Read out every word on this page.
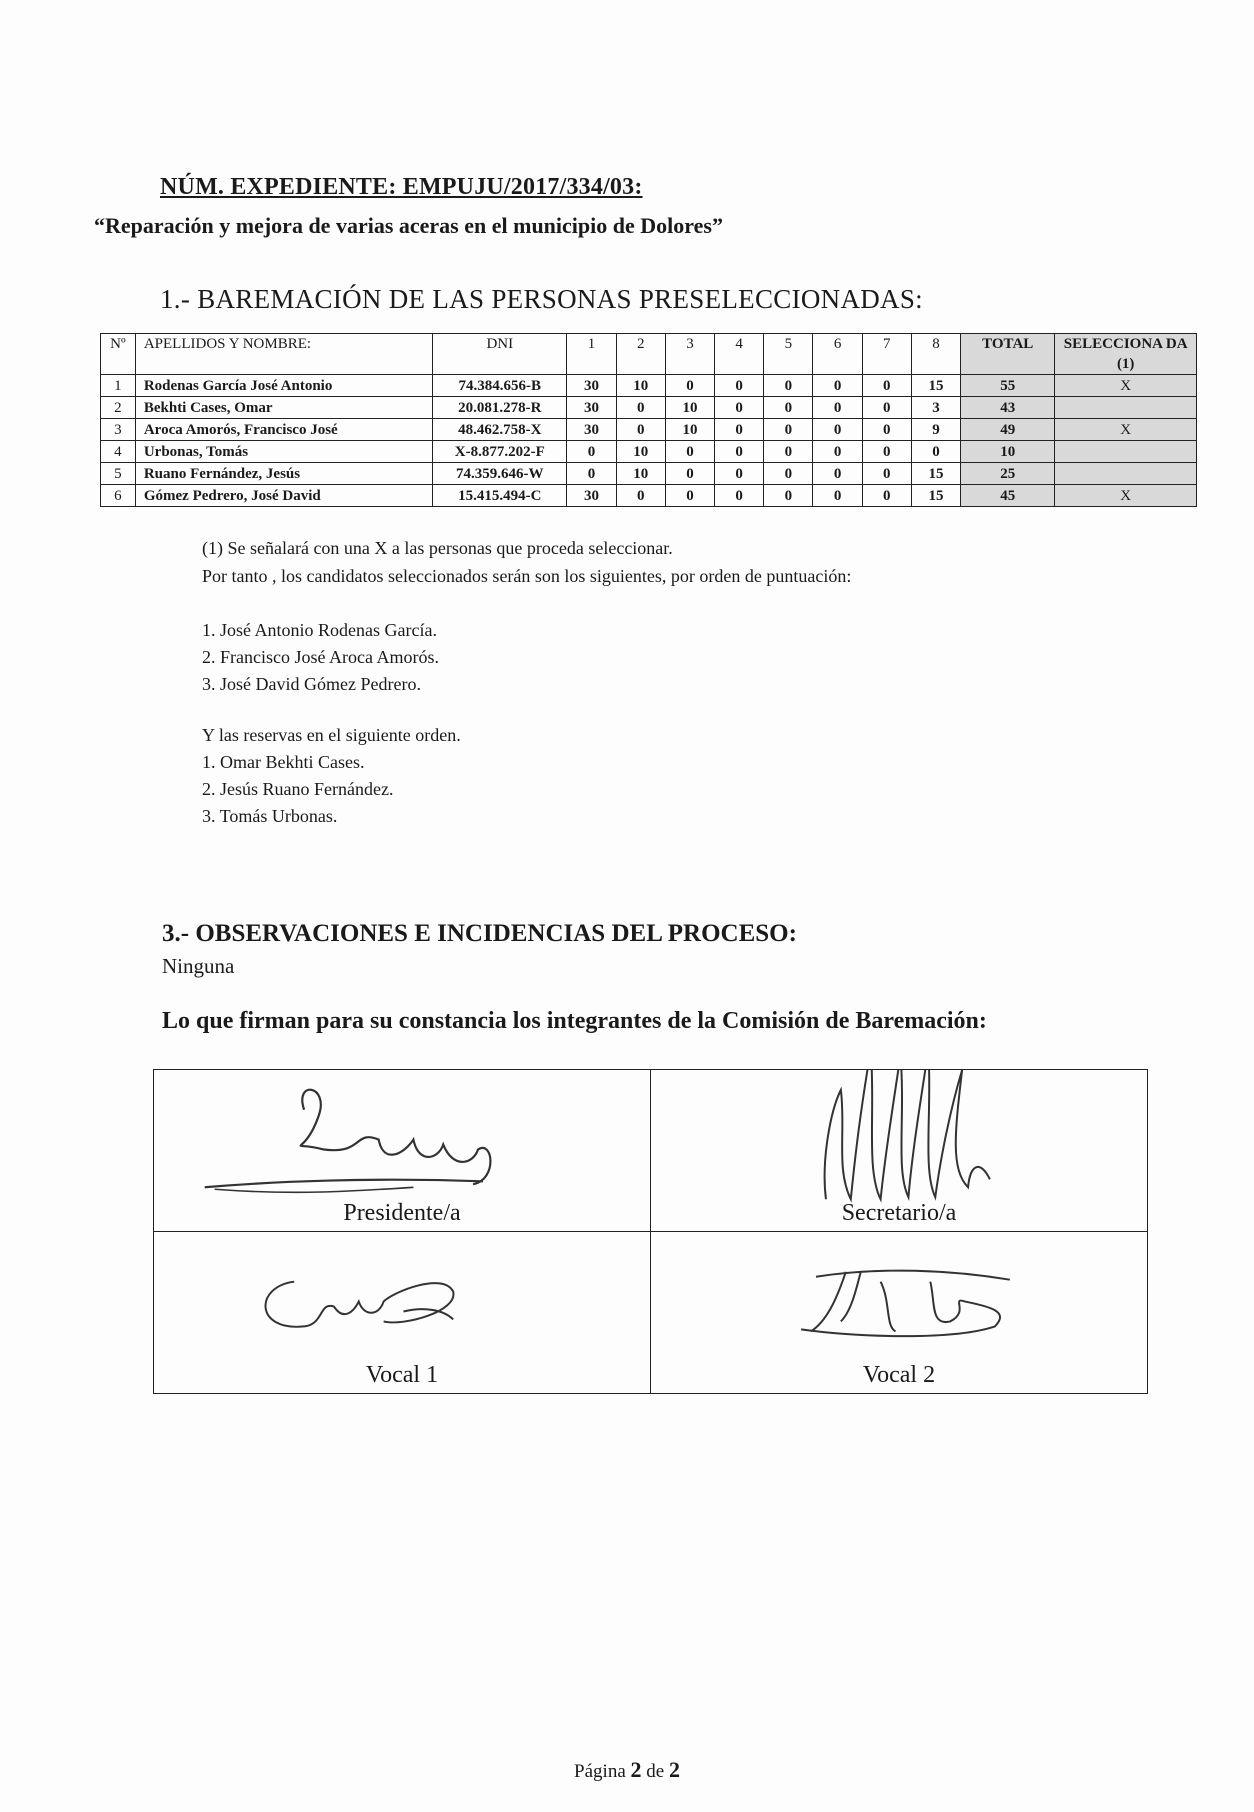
NÚM. EXPEDIENTE: EMPUJU/2017/334/03:
“Reparación y mejora de varias aceras en el municipio de Dolores”
1.- BAREMACIÓN DE LAS PERSONAS PRESELECCIONADAS:
Nº	APELLIDOS Y NOMBRE:	DNI	1	2	3	4	5	6	7	8	TOTAL	SELECCIONA DA (1)
1	Rodenas García José Antonio	74.384.656-B	30	10	0	0	0	0	0	15	55	X
2	Bekhti Cases, Omar	20.081.278-R	30	0	10	0	0	0	0	3	43	
3	Aroca Amorós, Francisco José	48.462.758-X	30	0	10	0	0	0	0	9	49	X
4	Urbonas, Tomás	X-8.877.202-F	0	10	0	0	0	0	0	0	10	
5	Ruano Fernández, Jesús	74.359.646-W	0	10	0	0	0	0	0	15	25	
6	Gómez Pedrero, José David	15.415.494-C	30	0	0	0	0	0	0	15	45	X
(1) Se señalará con una X a las personas que proceda seleccionar.
Por tanto , los candidatos seleccionados serán son los siguientes, por orden de puntuación:
1. José Antonio Rodenas García.
2. Francisco José Aroca Amorós.
3. José David Gómez Pedrero.
Y las reservas en el siguiente orden.
1. Omar Bekhti Cases.
2. Jesús Ruano Fernández.
3. Tomás Urbonas.
3.- OBSERVACIONES E INCIDENCIAS DEL PROCESO:
Ninguna
Lo que firman para su constancia los integrantes de la Comisión de Baremación:
Presidente/a	Secretario/a

Vocal 1	Vocal 2
Página 2 de 2
